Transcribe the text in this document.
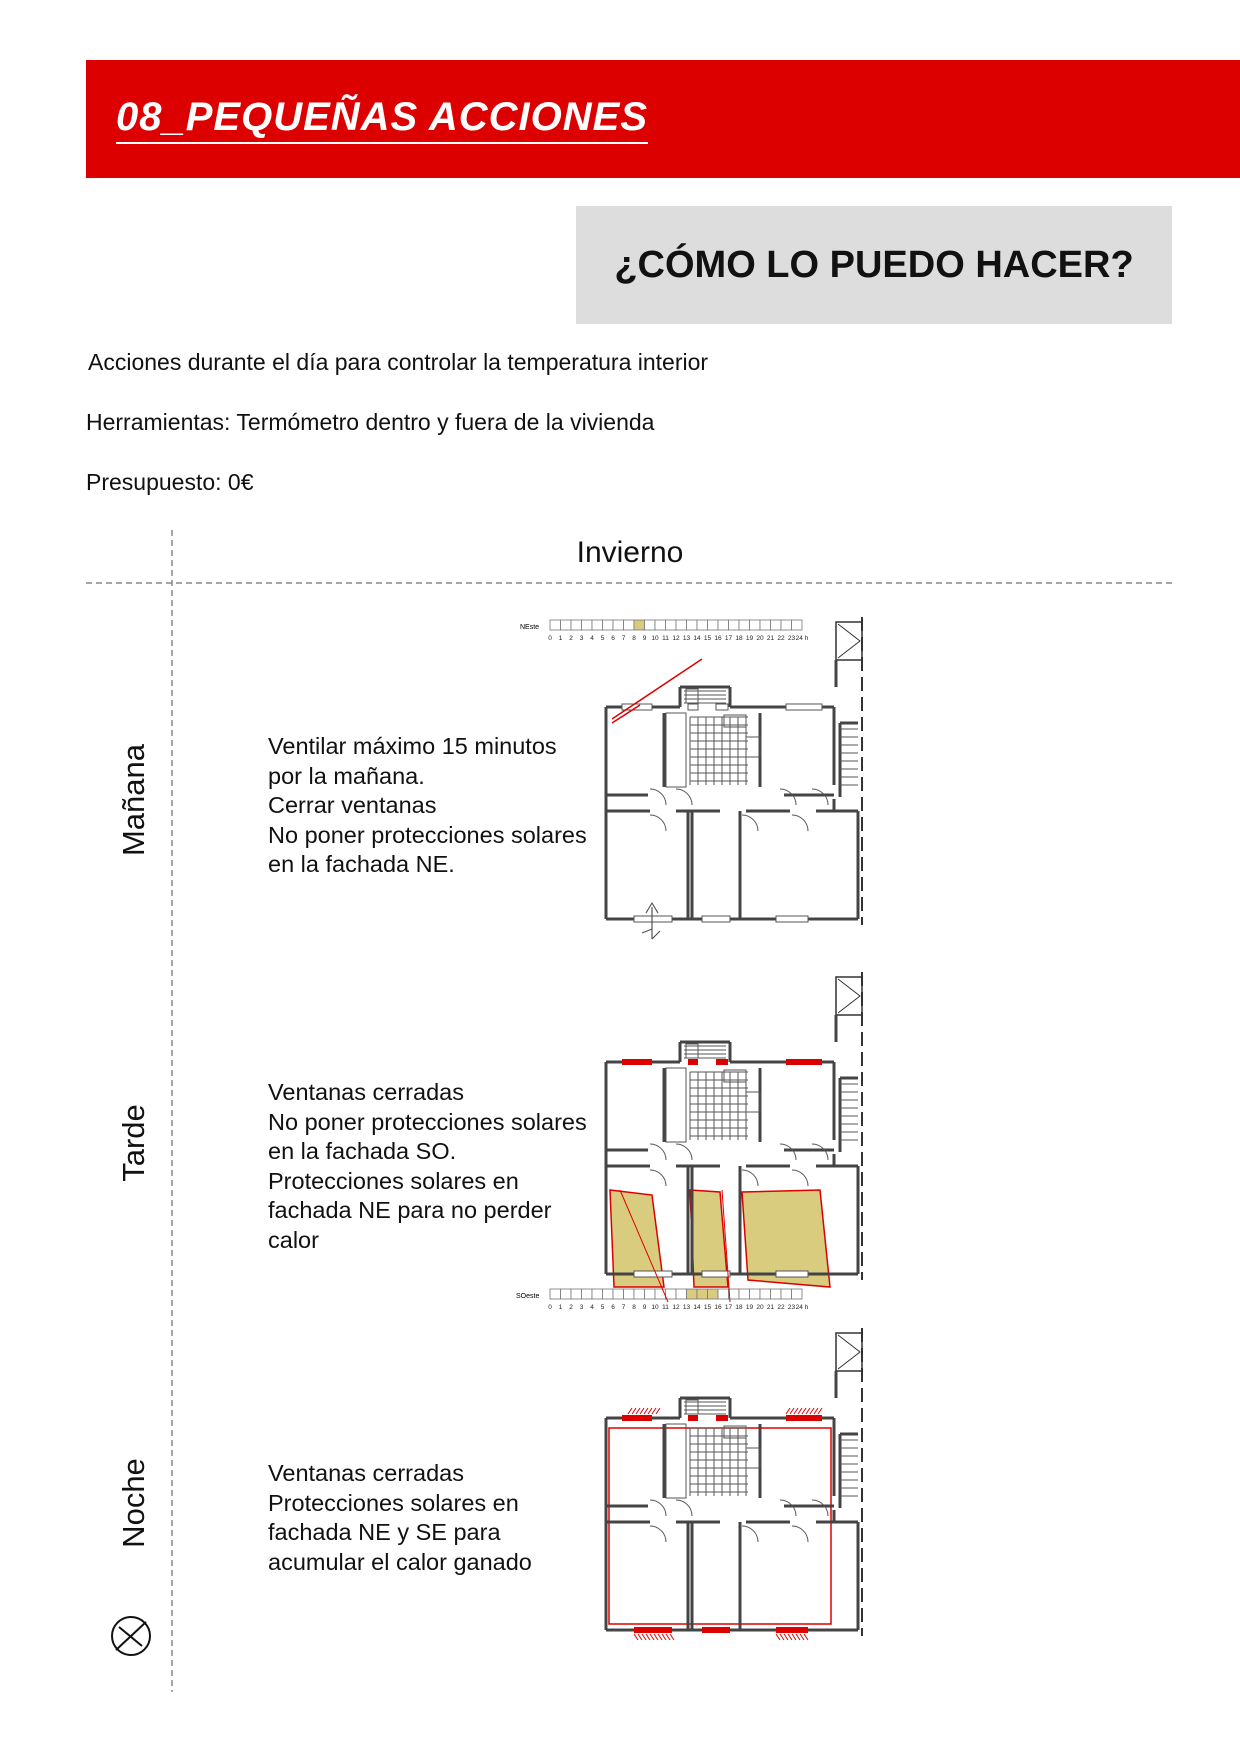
08_PEQUEÑAS ACCIONES
¿CÓMO LO PUEDO HACER?
Acciones durante el día para controlar la temperatura interior
Herramientas: Termómetro dentro y fuera de la vivienda
Presupuesto: 0€
Invierno
Mañana
Tarde
Noche
Ventilar máximo 15 minutos
por la mañana.
Cerrar ventanas
No poner protecciones solares
en la fachada NE.
Ventanas cerradas
No poner protecciones solares
en la fachada SO.
Protecciones solares en
fachada NE para no perder
calor
Ventanas cerradas
Protecciones solares en
fachada NE y SE para
acumular el calor ganado
NEste
0 1 2 3 4 5 6 7 8 9 10 11 12 13 14 15 16 17 18 19 20 21 22 23 24 h
SOeste
0 1 2 3 4 5 6 7 8 9 10 11 12 13 14 15 16 17 18 19 20 21 22 23 24 h
